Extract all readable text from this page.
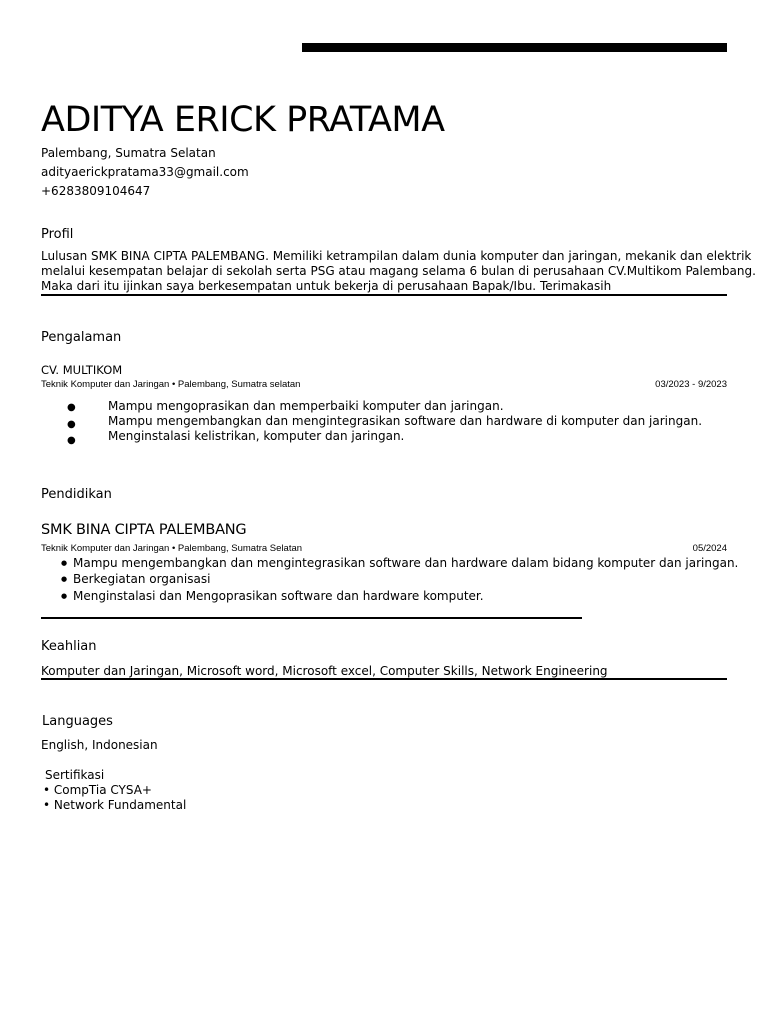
ADITYA ERICK PRATAMA
Palembang, Sumatra Selatan
adityaerickpratama33@gmail.com
+6283809104647
Profil
Lulusan SMK BINA CIPTA PALEMBANG. Memiliki ketrampilan dalam dunia komputer dan jaringan, mekanik dan elektrik
melalui kesempatan belajar di sekolah serta PSG atau magang selama 6 bulan di perusahaan CV.Multikom Palembang.
Maka dari itu ijinkan saya berkesempatan untuk bekerja di perusahaan Bapak/Ibu. Terimakasih
Pengalaman
CV. MULTIKOM
Teknik Komputer dan Jaringan • Palembang, Sumatra selatan	03/2023 - 9/2023
●	Mampu mengoprasikan dan memperbaiki komputer dan jaringan.
●	Mampu mengembangkan dan mengintegrasikan software dan hardware di komputer dan jaringan.
●	Menginstalasi kelistrikan, komputer dan jaringan.
Pendidikan
SMK BINA CIPTA PALEMBANG
Teknik Komputer dan Jaringan • Palembang, Sumatra Selatan	05/2024
● Mampu mengembangkan dan mengintegrasikan software dan hardware dalam bidang komputer dan jaringan.
● Berkegiatan organisasi
● Menginstalasi dan Mengoprasikan software dan hardware komputer.
Keahlian
Komputer dan Jaringan, Microsoft word, Microsoft excel, Computer Skills, Network Engineering
Languages
English, Indonesian
Sertifikasi
• CompTia CYSA+
• Network Fundamental
